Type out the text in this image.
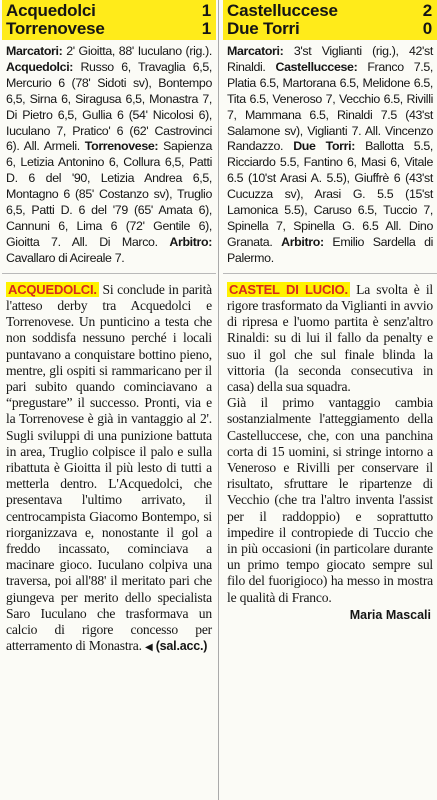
Acquedolci	1
Torrenovese	1
Marcatori: 2' Gioitta, 88' Iuculano (rig.). Acquedolci: Russo 6, Travaglia 6,5, Mercurio 6 (78' Sidoti sv), Bontempo 6,5, Sirna 6, Siragusa 6,5, Monastra 7, Di Pietro 6,5, Gullia 6 (54' Nicolosi 6), Iuculano 7, Pratico' 6 (62' Castrovinci 6). All. Armeli. Torrenovese: Sapienza 6, Letizia Antonino 6, Collura 6,5, Patti D. 6 del '90, Letizia Andrea 6,5, Montagno 6 (85' Costanzo sv), Truglio 6,5, Patti D. 6 del '79 (65' Amata 6), Cannuni 6, Lima 6 (72' Gentile 6), Gioitta 7. All. Di Marco. Arbitro: Cavallaro di Acireale 7.

ACQUEDOLCI. Si conclude in parità l'atteso derby tra Acquedolci e Torrenovese. Un punticino a testa che non soddisfa nessuno perché i locali puntavano a conquistare bottino pieno, mentre, gli ospiti si rammaricano per il pari subito quando cominciavano a “pregustare” il successo. Pronti, via e la Torrenovese è già in vantaggio al 2'. Sugli sviluppi di una punizione battuta in area, Truglio colpisce il palo e sulla ribattuta è Gioitta il più lesto di tutti a metterla dentro. L'Acquedolci, che presentava l'ultimo arrivato, il centrocampista Giacomo Bontempo, si riorganizzava e, nonostante il gol a freddo incassato, cominciava a macinare gioco. Iuculano colpiva una traversa, poi all'88' il meritato pari che giungeva per merito dello specialista Saro Iuculano che trasformava un calcio di rigore concesso per atterramento di Monastra. ◀ (sal.acc.)

Castelluccese	2
Due Torri	0
Marcatori: 3'st Viglianti (rig.), 42'st Rinaldi. Castelluccese: Franco 7.5, Platia 6.5, Martorana 6.5, Melidone 6.5, Tita 6.5, Veneroso 7, Vecchio 6.5, Rivilli 7, Mammana 6.5, Rinaldi 7.5 (43'st Salamone sv), Viglianti 7. All. Vincenzo Randazzo. Due Torri: Ballotta 5.5, Ricciardo 5.5, Fantino 6, Masi 6, Vitale 6.5 (10'st Arasi A. 5.5), Giuffrè 6 (43'st Cucuzza sv), Arasi G. 5.5 (15'st Lamonica 5.5), Caruso 6.5, Tuccio 7, Spinella 7, Spinella G. 6.5 All. Dino Granata. Arbitro: Emilio Sardella di Palermo.

CASTEL DI LUCIO. La svolta è il rigore trasformato da Viglianti in avvio di ripresa e l'uomo partita è senz'altro Rinaldi: su di lui il fallo da penalty e suo il gol che sul finale blinda la vittoria (la seconda consecutiva in casa) della sua squadra.

Già il primo vantaggio cambia sostanzialmente l'atteggiamento della Castelluccese, che, con una panchina corta di 15 uomini, si stringe intorno a Veneroso e Rivilli per conservare il risultato, sfruttare le ripartenze di Vecchio (che tra l'altro inventa l'assist per il raddoppio) e soprattutto impedire il contropiede di Tuccio che in più occasioni (in particolare durante un primo tempo giocato sempre sul filo del fuorigioco) ha messo in mostra le qualità di Franco.

Maria Mascali
